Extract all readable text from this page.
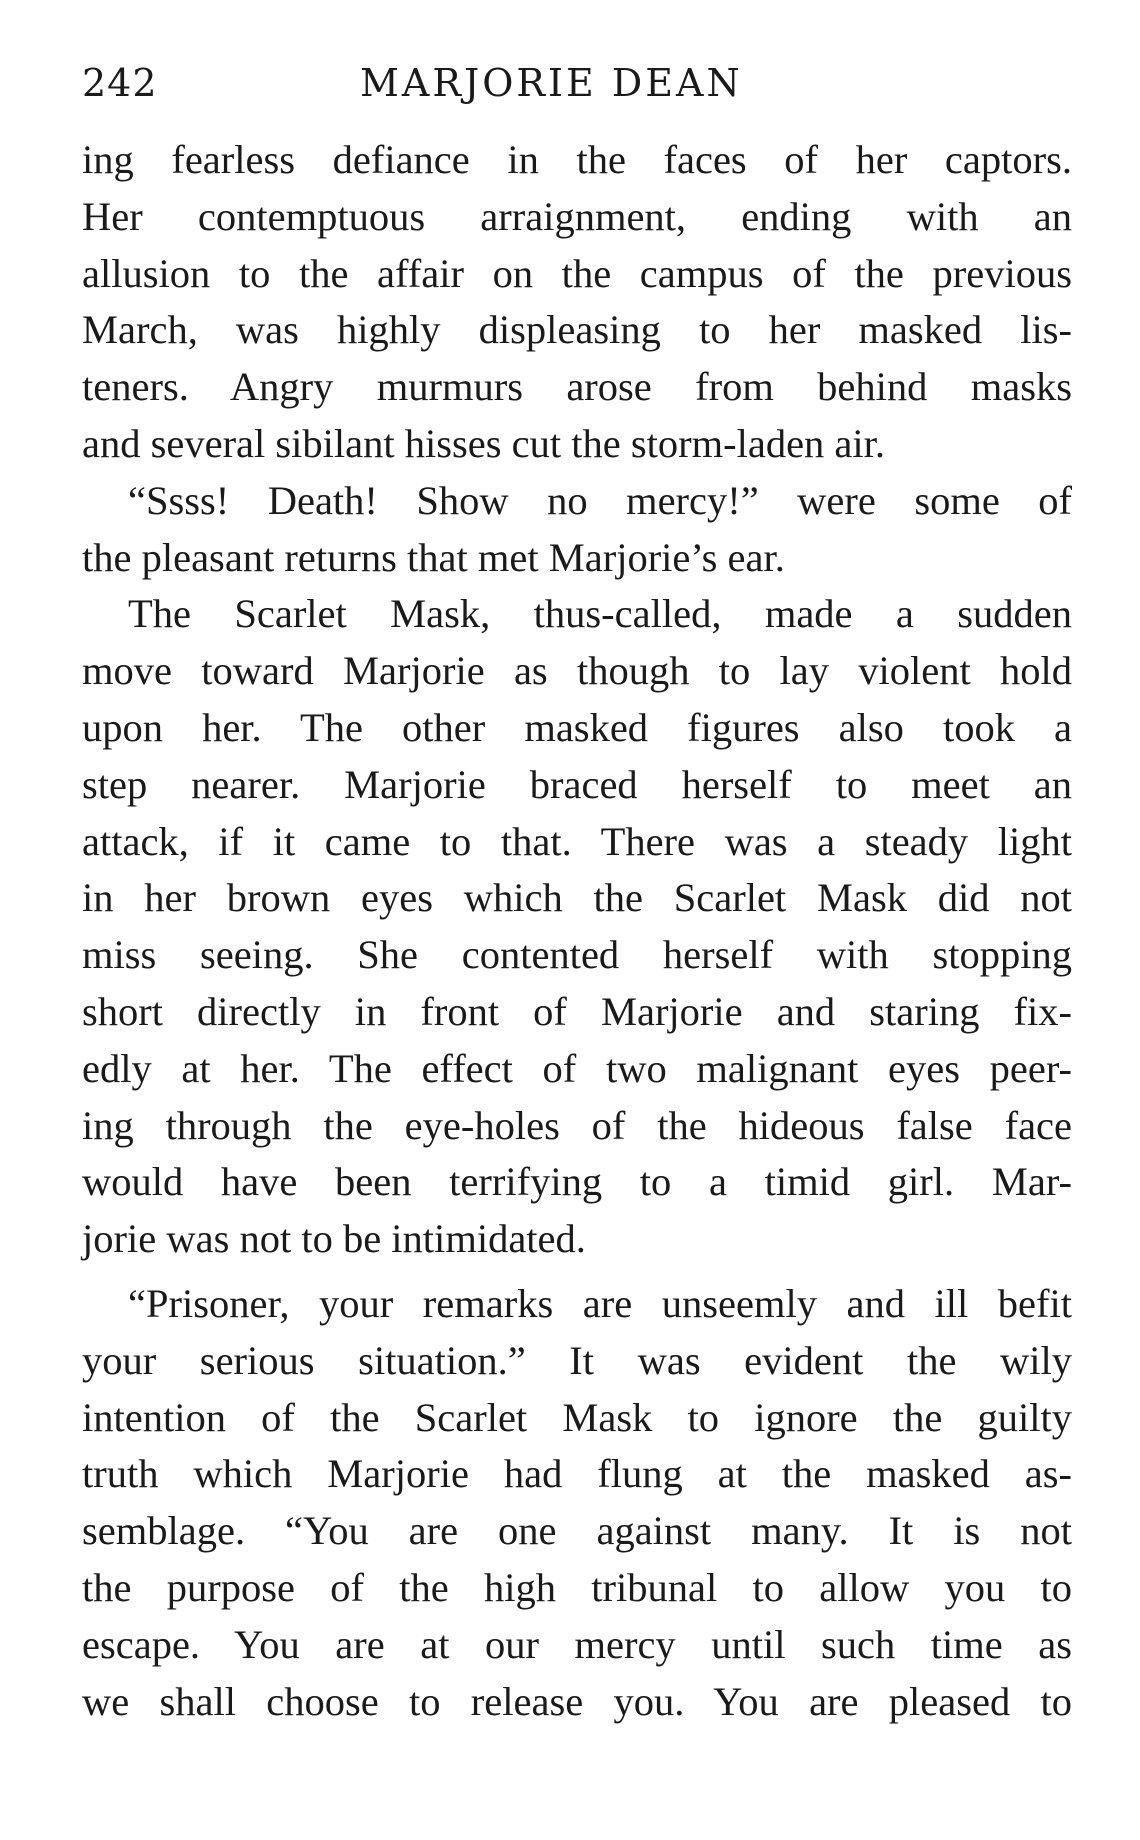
242	MARJORIE DEAN

ing fearless defiance in the faces of her captors.
Her contemptuous arraignment, ending with an
allusion to the affair on the campus of the previous
March, was highly displeasing to her masked lis-
teners. Angry murmurs arose from behind masks
and several sibilant hisses cut the storm-laden air.

“Ssss! Death! Show no mercy!” were some of
the pleasant returns that met Marjorie’s ear.

The Scarlet Mask, thus-called, made a sudden
move toward Marjorie as though to lay violent hold
upon her. The other masked figures also took a
step nearer. Marjorie braced herself to meet an
attack, if it came to that. There was a steady light
in her brown eyes which the Scarlet Mask did not
miss seeing. She contented herself with stopping
short directly in front of Marjorie and staring fix-
edly at her. The effect of two malignant eyes peer-
ing through the eye-holes of the hideous false face
would have been terrifying to a timid girl. Mar-
jorie was not to be intimidated.

“Prisoner, your remarks are unseemly and ill befit
your serious situation.” It was evident the wily
intention of the Scarlet Mask to ignore the guilty
truth which Marjorie had flung at the masked as-
semblage. “You are one against many. It is not
the purpose of the high tribunal to allow you to
escape. You are at our mercy until such time as
we shall choose to release you. You are pleased to
